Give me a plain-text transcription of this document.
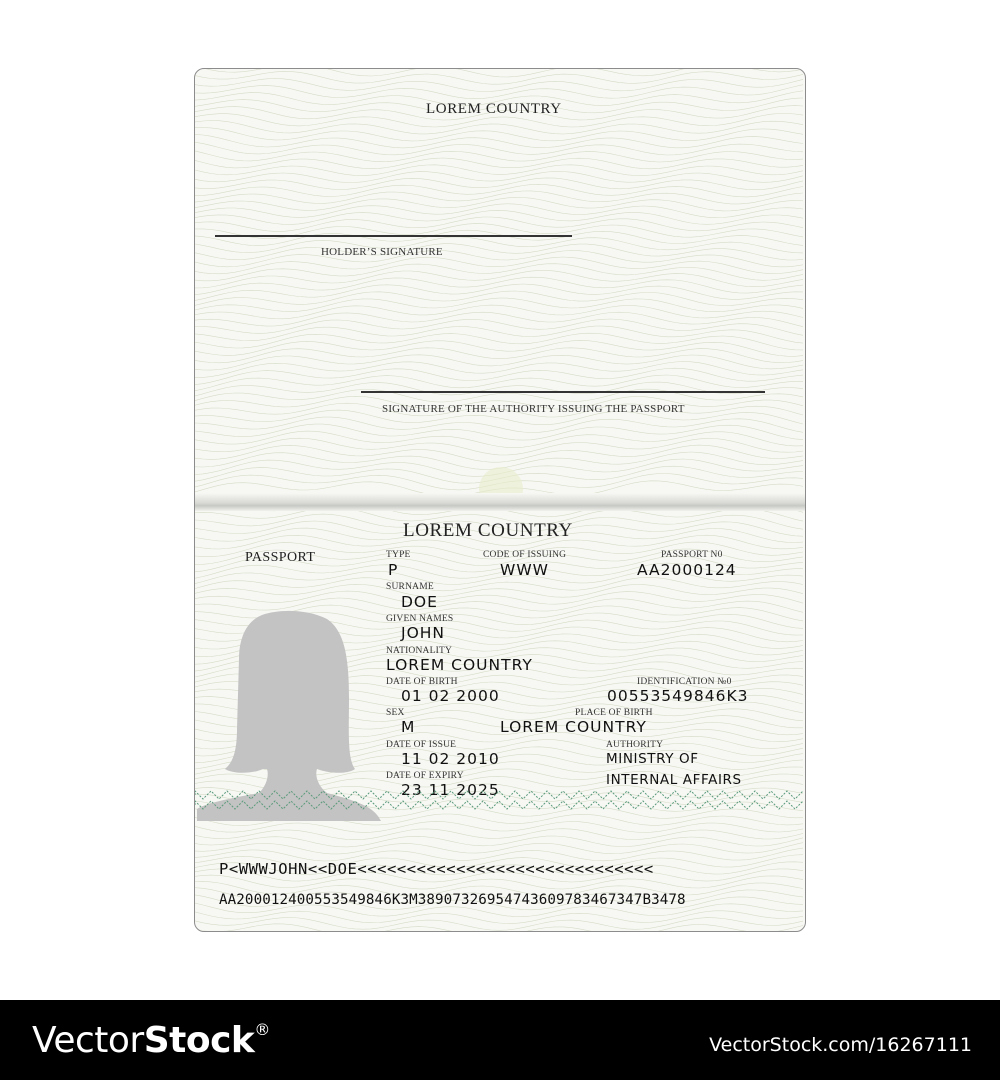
LOREM COUNTRY
HOLDER’S SIGNATURE
SIGNATURE OF THE AUTHORITY ISSUING THE PASSPORT
LOREM COUNTRY
PASSPORT	TYPE
P
CODE OF ISSUING
WWW
PASSPORT N0
AA2000124
SURNAME
DOE
GIVEN NAMES
JOHN
NATIONALITY
LOREM COUNTRY
DATE OF BIRTH
01 02 2000
IDENTIFICATION №0
00553549846K3
SEX
M
PLACE OF BIRTH
LOREM COUNTRY
DATE OF ISSUE
11 02 2010
AUTHORITY
MINISTRY OF
INTERNAL AFFAIRS
DATE OF EXPIRY
23 11 2025
P<WWWJOHN<<DOE<<<<<<<<<<<<<<<<<<<<<<<<<<<<<<
AA200012400553549846K3M38907326954743609783467347B3478
VectorStock®
VectorStock.com/16267111
